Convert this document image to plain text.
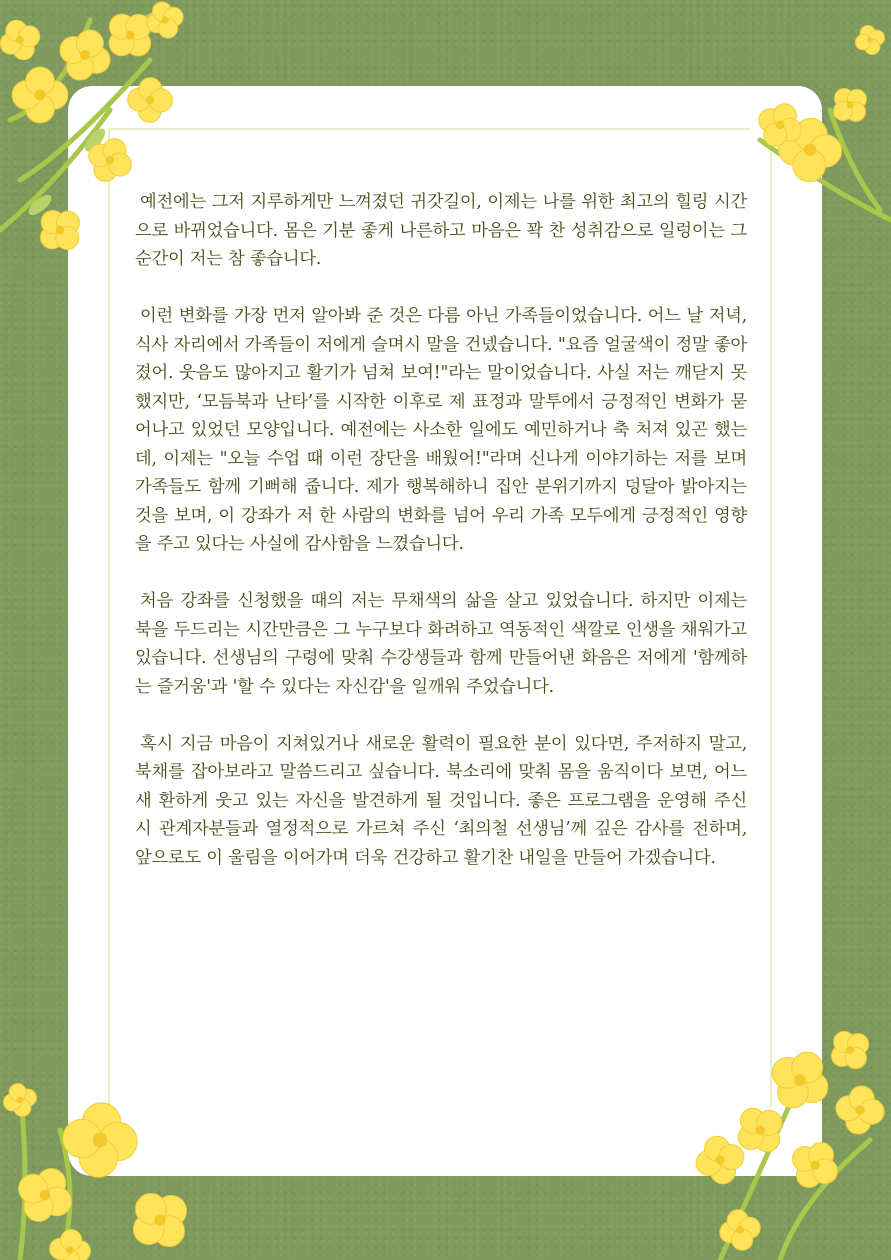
예전에는 그저 지루하게만 느껴졌던 귀갓길이, 이제는 나를 위한 최고의 힐링 시간으로 바뀌었습니다. 몸은 기분 좋게 나른하고 마음은 꽉 찬 성취감으로 일렁이는 그 순간이 저는 참 좋습니다.

이런 변화를 가장 먼저 알아봐 준 것은 다름 아닌 가족들이었습니다. 어느 날 저녁, 식사 자리에서 가족들이 저에게 슬며시 말을 건넸습니다. "요즘 얼굴색이 정말 좋아졌어. 웃음도 많아지고 활기가 넘쳐 보여!"라는 말이었습니다. 사실 저는 깨닫지 못했지만, ‘모듬북과 난타’를 시작한 이후로 제 표정과 말투에서 긍정적인 변화가 묻어나고 있었던 모양입니다. 예전에는 사소한 일에도 예민하거나 축 처져 있곤 했는데, 이제는 "오늘 수업 때 이런 장단을 배웠어!"라며 신나게 이야기하는 저를 보며 가족들도 함께 기뻐해 줍니다. 제가 행복해하니 집안 분위기까지 덩달아 밝아지는 것을 보며, 이 강좌가 저 한 사람의 변화를 넘어 우리 가족 모두에게 긍정적인 영향을 주고 있다는 사실에 감사함을 느꼈습니다.

처음 강좌를 신청했을 때의 저는 무채색의 삶을 살고 있었습니다. 하지만 이제는 북을 두드리는 시간만큼은 그 누구보다 화려하고 역동적인 색깔로 인생을 채워가고 있습니다. 선생님의 구령에 맞춰 수강생들과 함께 만들어낸 화음은 저에게 '함께하는 즐거움'과 '할 수 있다는 자신감'을 일깨워 주었습니다.

혹시 지금 마음이 지쳐있거나 새로운 활력이 필요한 분이 있다면, 주저하지 말고, 북채를 잡아보라고 말씀드리고 싶습니다. 북소리에 맞춰 몸을 움직이다 보면, 어느새 환하게 웃고 있는 자신을 발견하게 될 것입니다. 좋은 프로그램을 운영해 주신 시 관계자분들과 열정적으로 가르쳐 주신 ‘최의철 선생님’께 깊은 감사를 전하며, 앞으로도 이 울림을 이어가며 더욱 건강하고 활기찬 내일을 만들어 가겠습니다.
